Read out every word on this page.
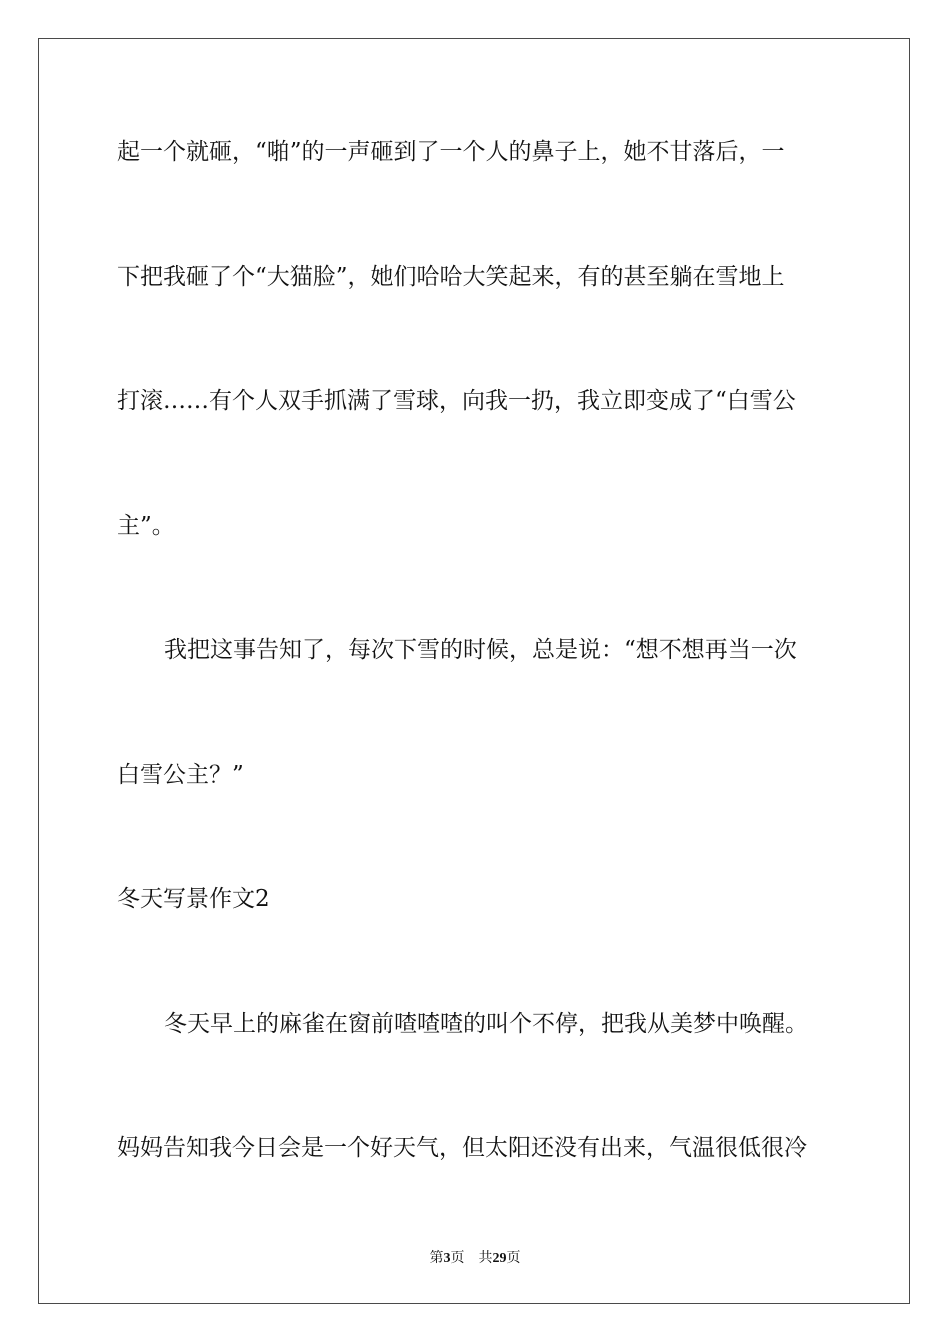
起一个就砸，“啪”的一声砸到了一个人的鼻子上，她不甘落后，一

下把我砸了个“大猫脸”，她们哈哈大笑起来，有的甚至躺在雪地上

打滚……有个人双手抓满了雪球，向我一扔，我立即变成了“白雪公

主”。

我把这事告知了，每次下雪的时候，总是说：“想不想再当一次

白雪公主？”

冬天写景作文2

冬天早上的麻雀在窗前喳喳喳的叫个不停，把我从美梦中唤醒。

妈妈告知我今日会是一个好天气，但太阳还没有出来，气温很低很冷

第3页 共29页
